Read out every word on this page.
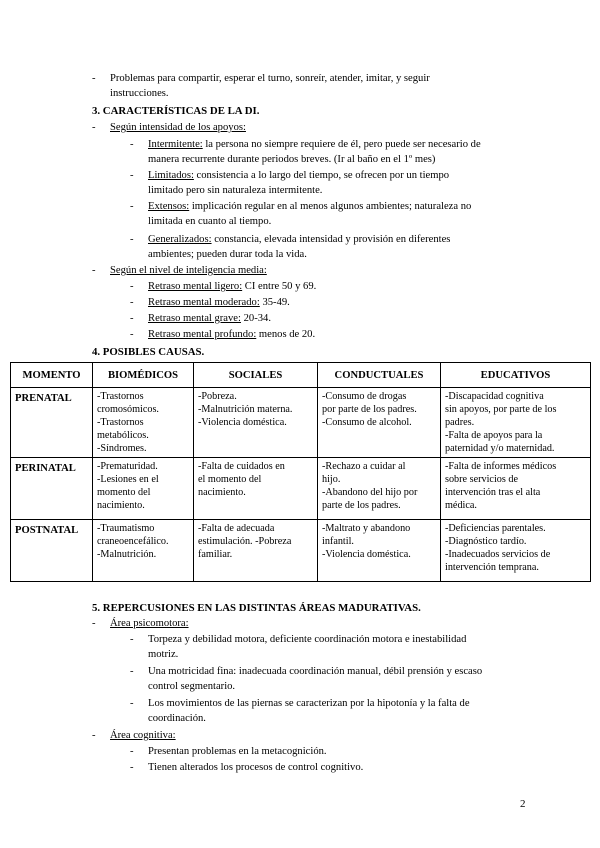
-	Problemas para compartir, esperar el turno, sonreír, atender, imitar, y seguir
instrucciones.
3. CARACTERÍSTICAS DE LA DI.
-	Según intensidad de los apoyos:
-	Intermitente: la persona no siempre requiere de él, pero puede ser necesario de
manera recurrente durante periodos breves. (Ir al baño en el 1º mes)
-	Limitados: consistencia a lo largo del tiempo, se ofrecen por un tiempo
limitado pero sin naturaleza intermitente.
-	Extensos: implicación regular en al menos algunos ambientes; naturaleza no
limitada en cuanto al tiempo.
-	Generalizados: constancia, elevada intensidad y provisión en diferentes
ambientes; pueden durar toda la vida.
-	Según el nivel de inteligencia media:
-	Retraso mental ligero: CI entre 50 y 69.
-	Retraso mental moderado: 35-49.
-	Retraso mental grave: 20-34.
-	Retraso mental profundo: menos de 20.
4. POSIBLES CAUSAS.
MOMENTO	BIOMÉDICOS	SOCIALES	CONDUCTUALES	EDUCATIVOS
PRENATAL	-Trastornos
cromosómicos.
-Trastornos
metabólicos.
-Síndromes.	-Pobreza.
-Malnutrición materna.
-Violencia doméstica.	-Consumo de drogas
por parte de los padres.
-Consumo de alcohol.	-Discapacidad cognitiva
sin apoyos, por parte de los
padres.
-Falta de apoyos para la
paternidad y/o maternidad.

PERINATAL	-Prematuridad.
-Lesiones en el
momento del
nacimiento.	-Falta de cuidados en
el momento del
nacimiento.	-Rechazo a cuidar al
hijo.
-Abandono del hijo por
parte de los padres.	-Falta de informes médicos
sobre servicios de
intervención tras el alta
médica.

POSTNATAL	-Traumatismo
craneoencefálico.
-Malnutrición.	-Falta de adecuada
estimulación. -Pobreza
familiar.	-Maltrato y abandono
infantil.
-Violencia doméstica.	-Deficiencias parentales.
-Diagnóstico tardío.
-Inadecuados servicios de
intervención temprana.
5. REPERCUSIONES EN LAS DISTINTAS ÁREAS MADURATIVAS.
-	Área psicomotora:
-	Torpeza y debilidad motora, deficiente coordinación motora e inestabilidad
motriz.
-	Una motricidad fina: inadecuada coordinación manual, débil prensión y escaso
control segmentario.
-	Los movimientos de las piernas se caracterizan por la hipotonía y la falta de
coordinación.
-	Área cognitiva:
-	Presentan problemas en la metacognición.
-	Tienen alterados los procesos de control cognitivo.
2
